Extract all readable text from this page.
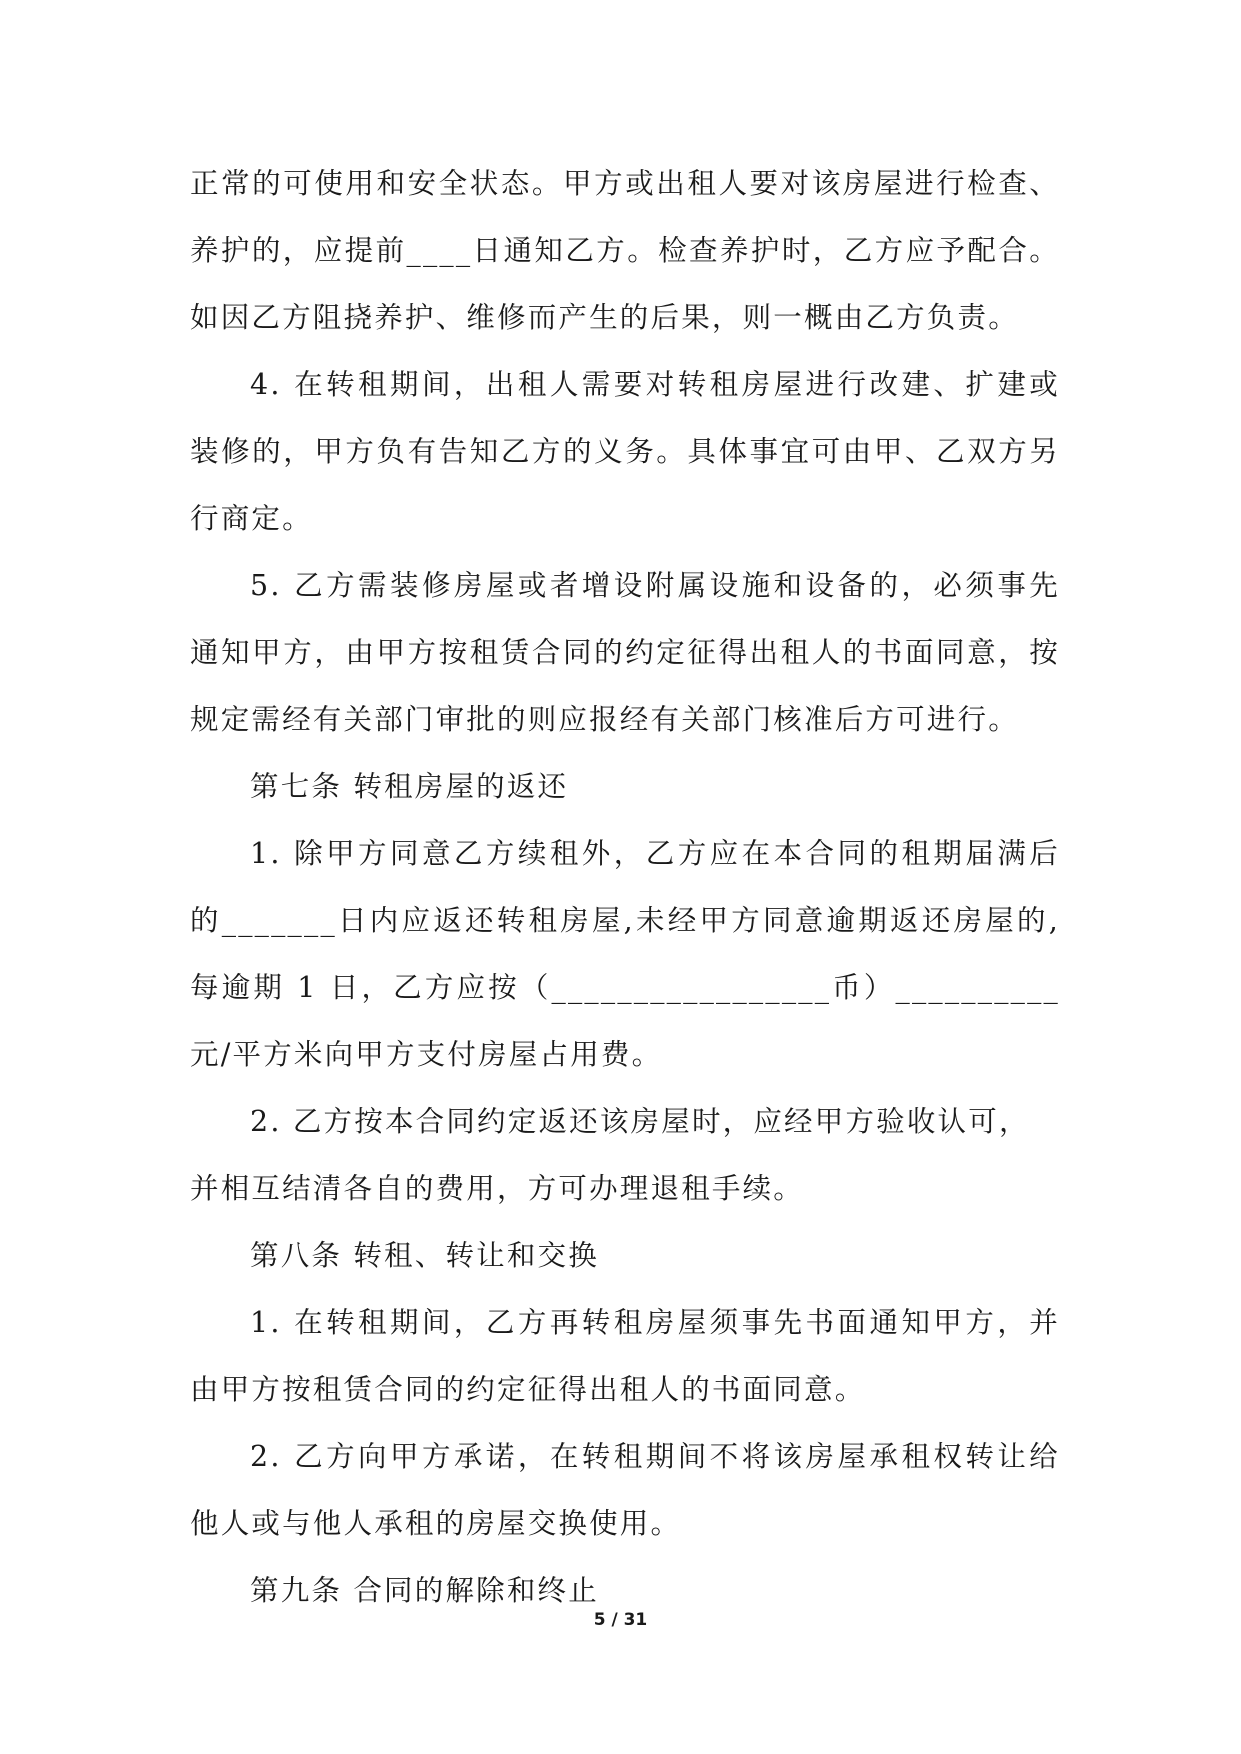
正常的可使用和安全状态。甲方或出租人要对该房屋进行检查、
养护的，应提前____日通知乙方。检查养护时，乙方应予配合。
如因乙方阻挠养护、维修而产生的后果，则一概由乙方负责。
4. 在转租期间，出租人需要对转租房屋进行改建、扩建或
装修的，甲方负有告知乙方的义务。具体事宜可由甲、乙双方另
行商定。
5. 乙方需装修房屋或者增设附属设施和设备的，必须事先
通知甲方，由甲方按租赁合同的约定征得出租人的书面同意，按
规定需经有关部门审批的则应报经有关部门核准后方可进行。
第七条 转租房屋的返还
1. 除甲方同意乙方续租外，乙方应在本合同的租期届满后
的_______日内应返还转租房屋,未经甲方同意逾期返还房屋的,
每逾期 1 日，乙方应按（_________________币）__________
元/平方米向甲方支付房屋占用费。
2. 乙方按本合同约定返还该房屋时，应经甲方验收认可，
并相互结清各自的费用，方可办理退租手续。
第八条 转租、转让和交换
1. 在转租期间，乙方再转租房屋须事先书面通知甲方，并
由甲方按租赁合同的约定征得出租人的书面同意。
2. 乙方向甲方承诺，在转租期间不将该房屋承租权转让给
他人或与他人承租的房屋交换使用。
第九条 合同的解除和终止
5 / 31
